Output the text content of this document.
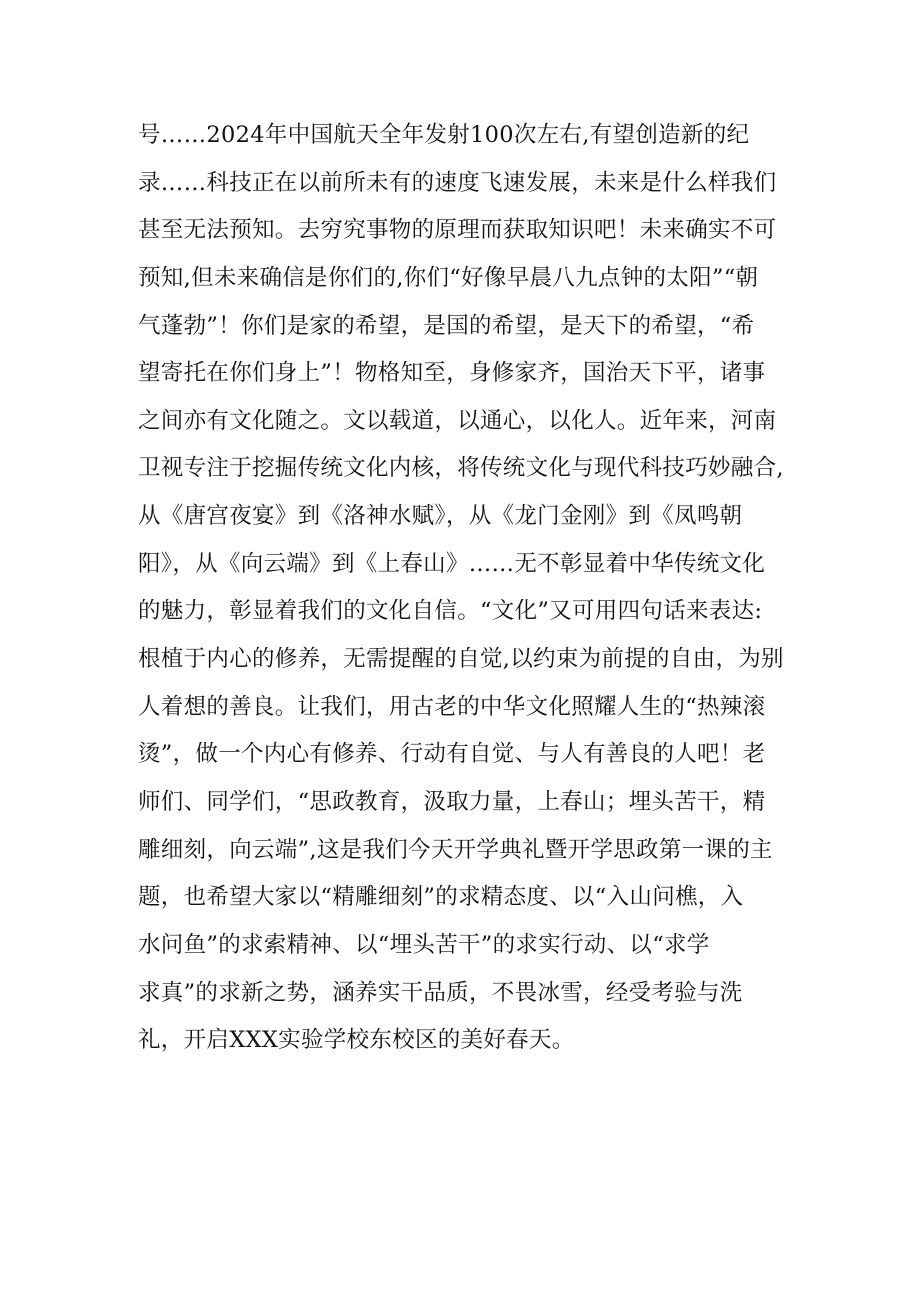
号……2024年中国航天全年发射100次左右,有望创造新的纪
录……科技正在以前所未有的速度飞速发展，未来是什么样我们
甚至无法预知。去穷究事物的原理而获取知识吧！未来确实不可
预知,但未来确信是你们的,你们“好像早晨八九点钟的太阳”“朝
气蓬勃”！你们是家的希望，是国的希望，是天下的希望，“希
望寄托在你们身上”！物格知至，身修家齐，国治天下平，诸事
之间亦有文化随之。文以载道，以通心，以化人。近年来，河南
卫视专注于挖掘传统文化内核，将传统文化与现代科技巧妙融合,
从《唐宫夜宴》到《洛神水赋》，从《龙门金刚》到《凤鸣朝
阳》，从《向云端》到《上春山》……无不彰显着中华传统文化
的魅力，彰显着我们的文化自信。“文化”又可用四句话来表达:
根植于内心的修养，无需提醒的自觉,以约束为前提的自由，为别
人着想的善良。让我们，用古老的中华文化照耀人生的“热辣滚
烫”，做一个内心有修养、行动有自觉、与人有善良的人吧！老
师们、同学们，“思政教育，汲取力量，上春山；埋头苦干，精
雕细刻，向云端”,这是我们今天开学典礼暨开学思政第一课的主
题，也希望大家以“精雕细刻”的求精态度、以“入山问樵，入
水问鱼”的求索精神、以“埋头苦干”的求实行动、以“求学
求真”的求新之势，涵养实干品质，不畏冰雪，经受考验与洗
礼，开启XXX实验学校东校区的美好春天。
